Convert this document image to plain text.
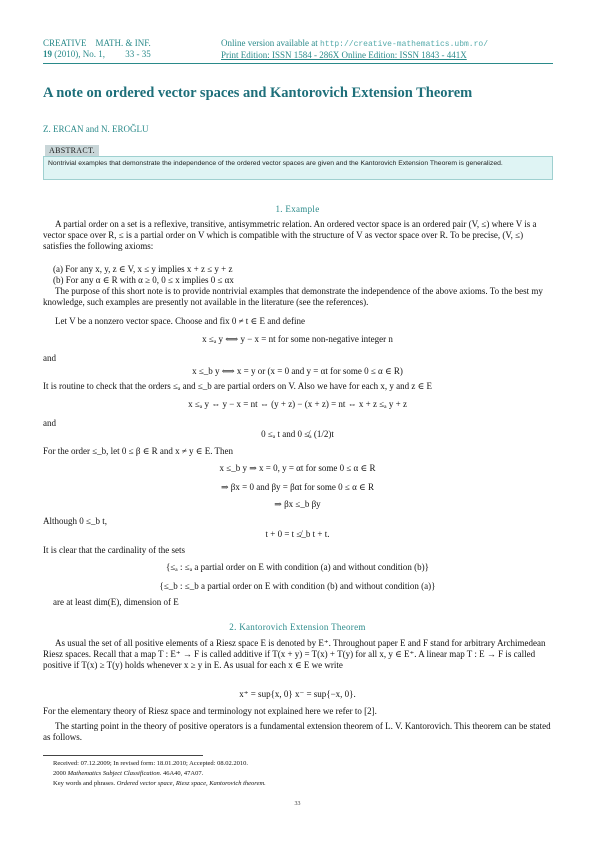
CREATIVE MATH. & INF.
19 (2010), No. 1, 33 - 35
Online version available at http://creative-mathematics.ubm.ro/
Print Edition: ISSN 1584 - 286X Online Edition: ISSN 1843 - 441X
A note on ordered vector spaces and Kantorovich Extension Theorem
Z. ERCAN and N. EROĞLU
ABSTRACT.
Nontrivial examples that demonstrate the independence of the ordered vector spaces are given and the Kantorovich Extension Theorem is generalized.
1. Example
A partial order on a set is a reflexive, transitive, antisymmetric relation. An ordered vector space is an ordered pair (V, ≤) where V is a vector space over R, ≤ is a partial order on V which is compatible with the structure of V as vector space over R. To be precise, (V, ≤) satisfies the following axioms:
(a) For any x, y, z ∈ V, x ≤ y implies x + z ≤ y + z
(b) For any α ∈ R with α ≥ 0, 0 ≤ x implies 0 ≤ αx
The purpose of this short note is to provide nontrivial examples that demonstrate the independence of the above axioms. To the best my knowledge, such examples are presently not available in the literature (see the references).
Let V be a nonzero vector space. Choose and fix 0 ≠ t ∈ E and define
x ≤ₐ y ⟺ y − x = nt for some non-negative integer n
and
x ≤_b y ⟺ x = y or (x = 0 and y = αt for some 0 ≤ α ∈ R)
It is routine to check that the orders ≤ₐ and ≤_b are partial orders on V. Also we have for each x, y and z ∈ E
x ≤ₐ y ⇔ y − x = nt ⇔ (y + z) − (x + z) = nt ⇔ x + z ≤ₐ y + z
and
0 ≤ₐ t and 0 ≰ₐ (1/2)t
For the order ≤_b, let 0 ≤ β ∈ R and x ≠ y ∈ E. Then
x ≤_b y ⇒ x = 0, y = αt for some 0 ≤ α ∈ R
⇒ βx = 0 and βy = βαt for some 0 ≤ α ∈ R
⇒ βx ≤_b βy
Although 0 ≤_b t,
t + 0 = t ≰_b t + t.
It is clear that the cardinality of the sets
{≤ₐ : ≤ₐ a partial order on E with condition (a) and without condition (b)}
{≤_b : ≤_b a partial order on E with condition (b) and without condition (a)}
are at least dim(E), dimension of E
2. Kantorovich Extension Theorem
As usual the set of all positive elements of a Riesz space E is denoted by E⁺. Throughout paper E and F stand for arbitrary Archimedean Riesz spaces. Recall that a map T : E⁺ → F is called additive if T(x + y) = T(x) + T(y) for all x, y ∈ E⁺. A linear map T : E → F is called positive if T(x) ≥ T(y) holds whenever x ≥ y in E. As usual for each x ∈ E we write
x⁺ = sup{x, 0} x⁻ = sup{−x, 0}.
For the elementary theory of Riesz space and terminology not explained here we refer to [2].
The starting point in the theory of positive operators is a fundamental extension theorem of L. V. Kantorovich. This theorem can be stated as follows.
Received: 07.12.2009; In revised form: 18.01.2010; Accepted: 08.02.2010.
2000 Mathematics Subject Classification. 46A40, 47A07.
Key words and phrases. Ordered vector space, Riesz space, Kantorovich theorem.
33
